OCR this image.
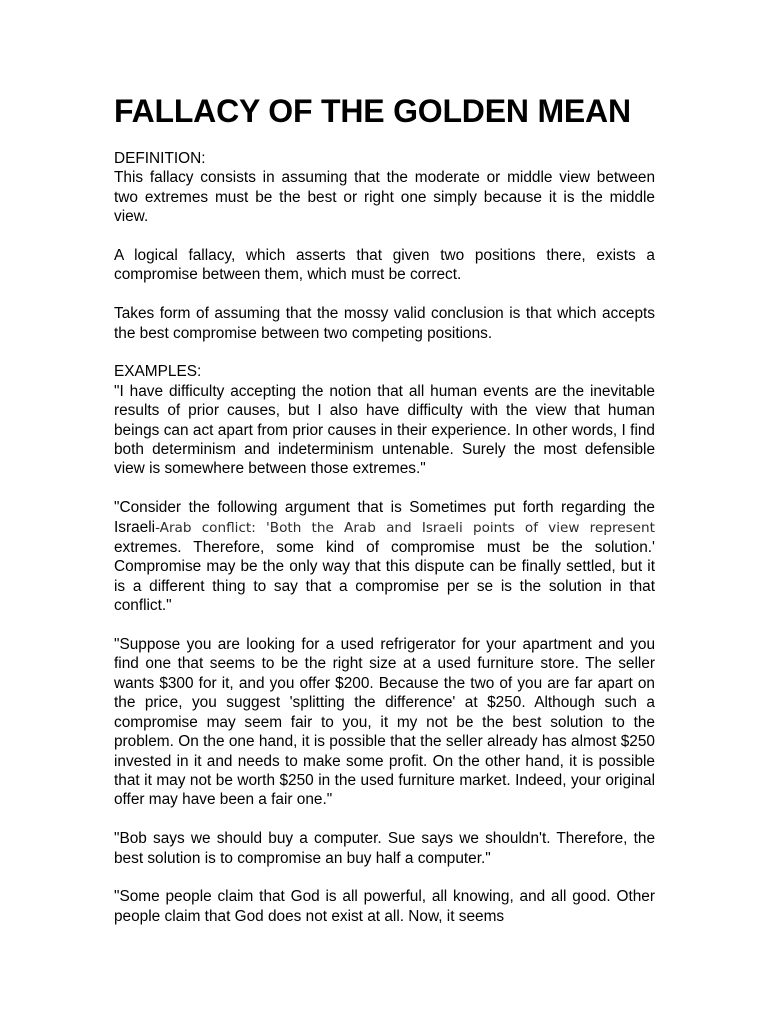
FALLACY OF THE GOLDEN MEAN

DEFINITION:
This fallacy consists in assuming that the moderate or middle view between two extremes must be the best or right one simply because it is the middle view.

A logical fallacy, which asserts that given two positions there, exists a compromise between them, which must be correct.

Takes form of assuming that the mossy valid conclusion is that which accepts the best compromise between two competing positions.

EXAMPLES:
"I have difficulty accepting the notion that all human events are the inevitable results of prior causes, but I also have difficulty with the view that human beings can act apart from prior causes in their experience. In other words, I find both determinism and indeterminism untenable. Surely the most defensible view is somewhere between those extremes."

"Consider the following argument that is Sometimes put forth regarding the Israeli-Arab conflict: 'Both the Arab and Israeli points of view represent extremes. Therefore, some kind of compromise must be the solution.' Compromise may be the only way that this dispute can be finally settled, but it is a different thing to say that a compromise per se is the solution in that conflict."

"Suppose you are looking for a used refrigerator for your apartment and you find one that seems to be the right size at a used furniture store. The seller wants $300 for it, and you offer $200. Because the two of you are far apart on the price, you suggest 'splitting the difference' at $250. Although such a compromise may seem fair to you, it my not be the best solution to the problem. On the one hand, it is possible that the seller already has almost $250 invested in it and needs to make some profit. On the other hand, it is possible that it may not be worth $250 in the used furniture market. Indeed, your original offer may have been a fair one."

"Bob says we should buy a computer. Sue says we shouldn't. Therefore, the best solution is to compromise an buy half a computer."

"Some people claim that God is all powerful, all knowing, and all good. Other people claim that God does not exist at all. Now, it seems
